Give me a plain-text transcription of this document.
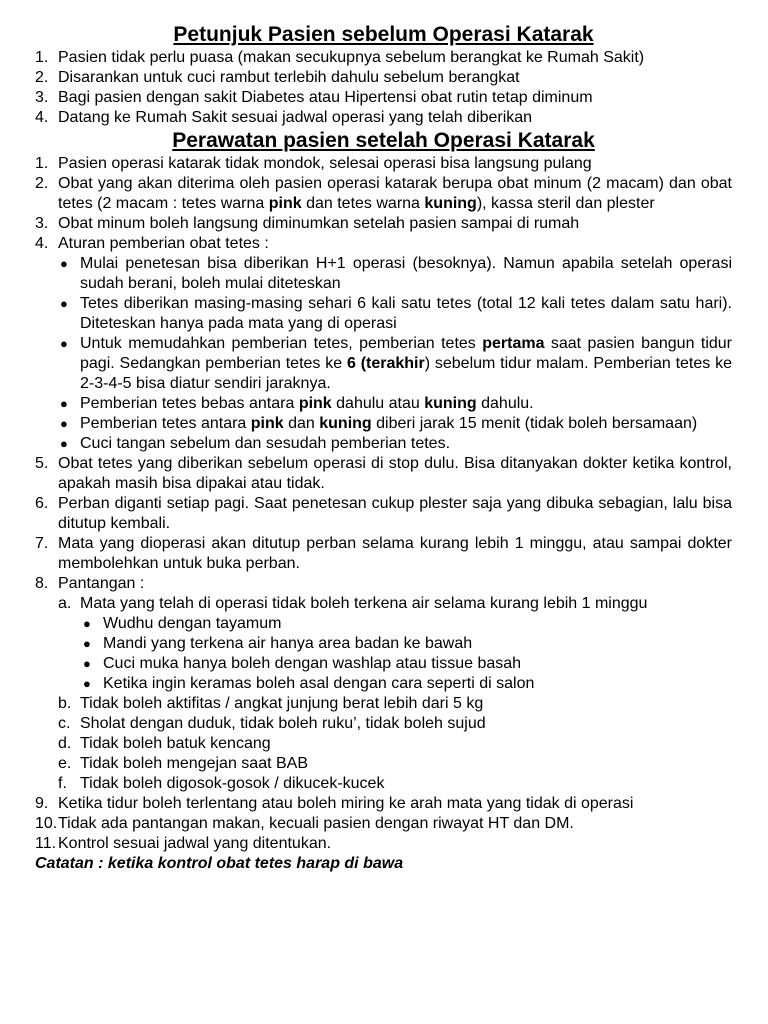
Petunjuk Pasien sebelum Operasi Katarak
1. Pasien tidak perlu puasa (makan secukupnya sebelum berangkat ke Rumah Sakit)
2. Disarankan untuk cuci rambut terlebih dahulu sebelum berangkat
3. Bagi pasien dengan sakit Diabetes atau Hipertensi obat rutin tetap diminum
4. Datang ke Rumah Sakit sesuai jadwal operasi yang telah diberikan
Perawatan pasien setelah Operasi Katarak
1. Pasien operasi katarak tidak mondok, selesai operasi bisa langsung pulang
2. Obat yang akan diterima oleh pasien operasi katarak berupa obat minum (2 macam) dan obat tetes (2 macam : tetes warna pink dan tetes warna kuning), kassa steril dan plester
3. Obat minum boleh langsung diminumkan setelah pasien sampai di rumah
4. Aturan pemberian obat tetes :
● Mulai penetesan bisa diberikan H+1 operasi (besoknya). Namun apabila setelah operasi sudah berani, boleh mulai diteteskan
● Tetes diberikan masing-masing sehari 6 kali satu tetes (total 12 kali tetes dalam satu hari). Diteteskan hanya pada mata yang di operasi
● Untuk memudahkan pemberian tetes, pemberian tetes pertama saat pasien bangun tidur pagi. Sedangkan pemberian tetes ke 6 (terakhir) sebelum tidur malam. Pemberian tetes ke 2-3-4-5 bisa diatur sendiri jaraknya.
● Pemberian tetes bebas antara pink dahulu atau kuning dahulu.
● Pemberian tetes antara pink dan kuning diberi jarak 15 menit (tidak boleh bersamaan)
● Cuci tangan sebelum dan sesudah pemberian tetes.
5. Obat tetes yang diberikan sebelum operasi di stop dulu. Bisa ditanyakan dokter ketika kontrol, apakah masih bisa dipakai atau tidak.
6. Perban diganti setiap pagi. Saat penetesan cukup plester saja yang dibuka sebagian, lalu bisa ditutup kembali.
7. Mata yang dioperasi akan ditutup perban selama kurang lebih 1 minggu, atau sampai dokter membolehkan untuk buka perban.
8. Pantangan :
a. Mata yang telah di operasi tidak boleh terkena air selama kurang lebih 1 minggu
● Wudhu dengan tayamum
● Mandi yang terkena air hanya area badan ke bawah
● Cuci muka hanya boleh dengan washlap atau tissue basah
● Ketika ingin keramas boleh asal dengan cara seperti di salon
b. Tidak boleh aktifitas / angkat junjung berat lebih dari 5 kg
c. Sholat dengan duduk, tidak boleh ruku’, tidak boleh sujud
d. Tidak boleh batuk kencang
e. Tidak boleh mengejan saat BAB
f. Tidak boleh digosok-gosok / dikucek-kucek
9. Ketika tidur boleh terlentang atau boleh miring ke arah mata yang tidak di operasi
10. Tidak ada pantangan makan, kecuali pasien dengan riwayat HT dan DM.
11. Kontrol sesuai jadwal yang ditentukan.
Catatan : ketika kontrol obat tetes harap di bawa
